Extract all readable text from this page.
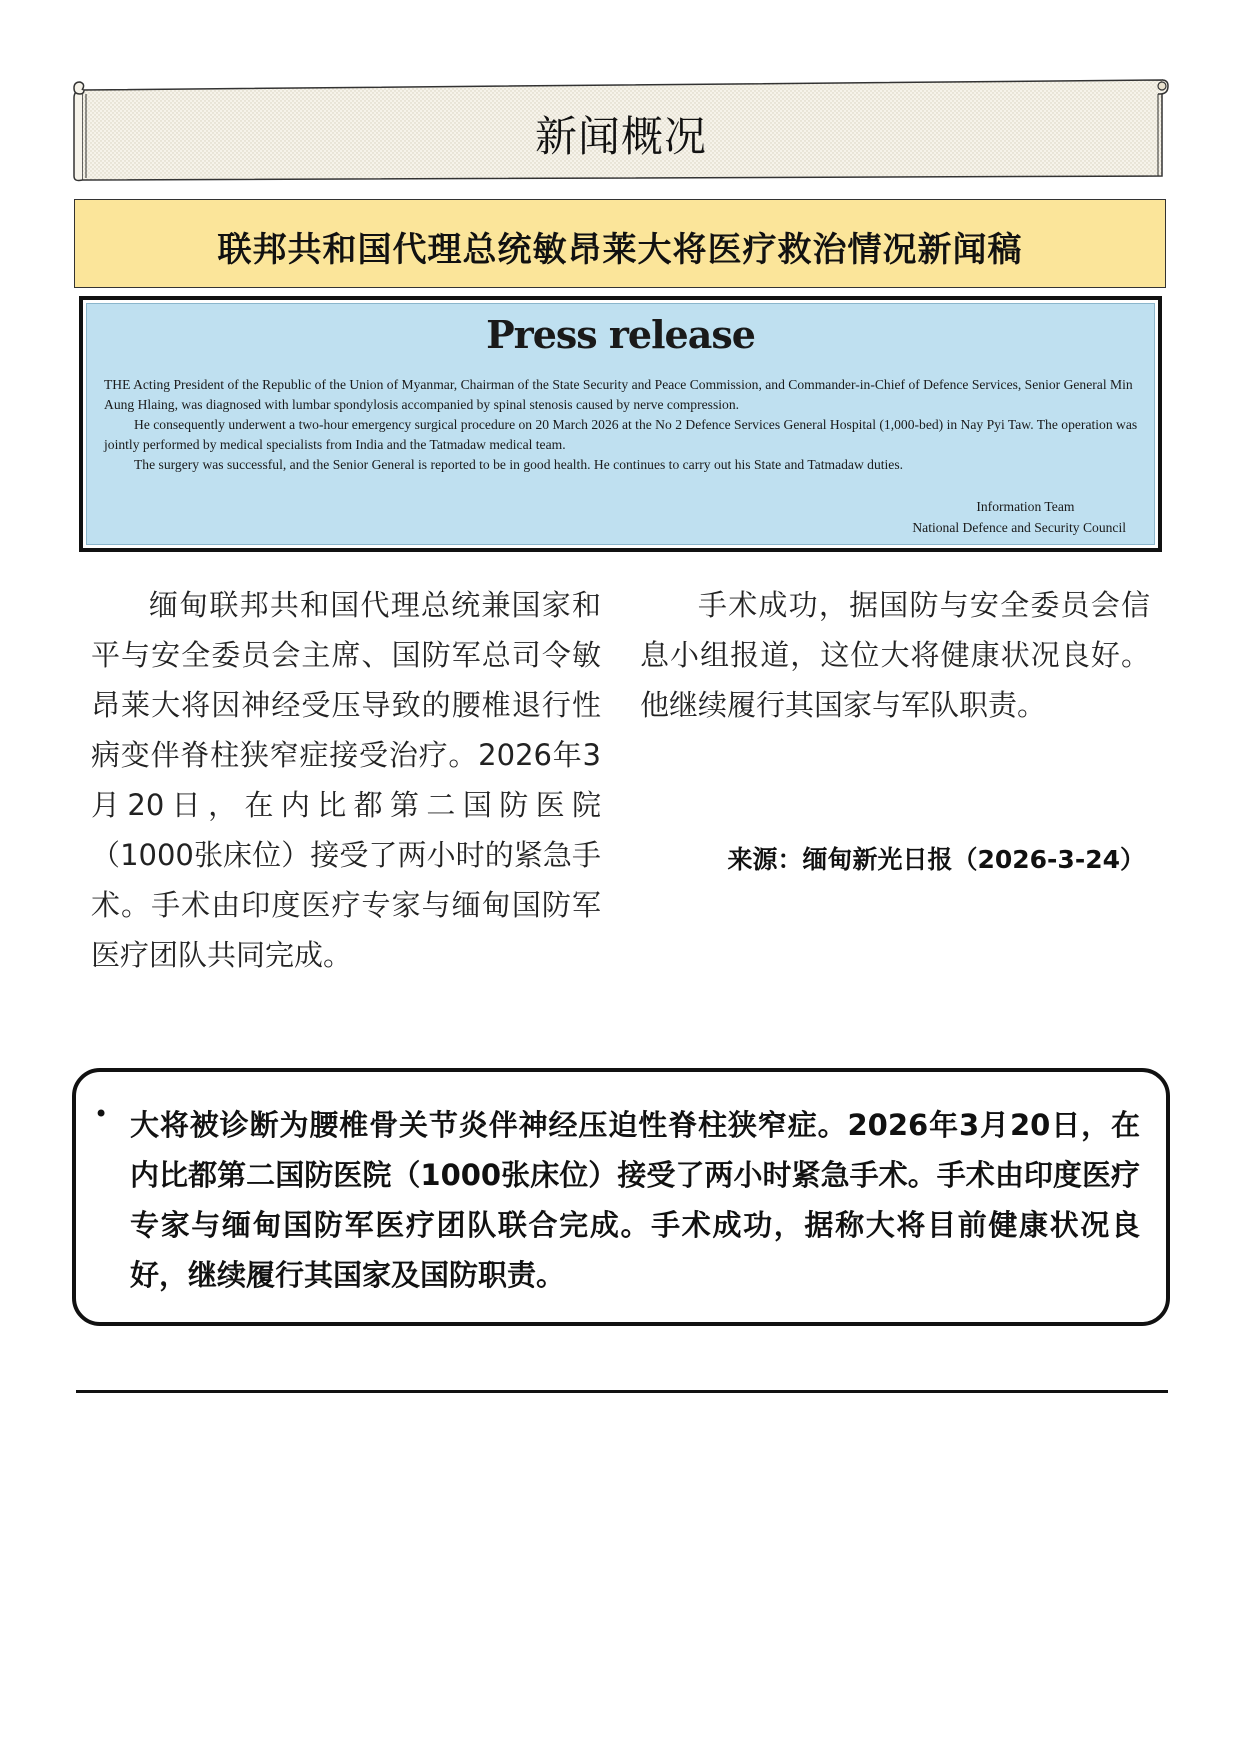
新闻概况
联邦共和国代理总统敏昂莱大将医疗救治情况新闻稿
Press release

THE Acting President of the Republic of the Union of Myanmar, Chairman of the State Security and Peace Commission, and Commander-in-Chief of Defence Services, Senior General Min Aung Hlaing, was diagnosed with lumbar spondylosis accompanied by spinal stenosis caused by nerve compression.

He consequently underwent a two-hour emergency surgical procedure on 20 March 2026 at the No 2 Defence Services General Hospital (1,000-bed) in Nay Pyi Taw. The operation was jointly performed by medical specialists from India and the Tatmadaw medical team.

The surgery was successful, and the Senior General is reported to be in good health. He continues to carry out his State and Tatmadaw duties.

Information Team
National Defence and Security Council

缅甸联邦共和国代理总统兼国家和平与安全委员会主席、国防军总司令敏昂莱大将因神经受压导致的腰椎退行性病变伴脊柱狭窄症接受治疗。2026年3月20日，在内比都第二国防医院（1000张床位）接受了两小时的紧急手术。手术由印度医疗专家与缅甸国防军医疗团队共同完成。

手术成功，据国防与安全委员会信息小组报道，这位大将健康状况良好。他继续履行其国家与军队职责。

来源：缅甸新光日报（2026-3-24）
• 大将被诊断为腰椎骨关节炎伴神经压迫性脊柱狭窄症。2026年3月20日，在内比都第二国防医院（1000张床位）接受了两小时紧急手术。手术由印度医疗专家与缅甸国防军医疗团队联合完成。手术成功，据称大将目前健康状况良好，继续履行其国家及国防职责。
